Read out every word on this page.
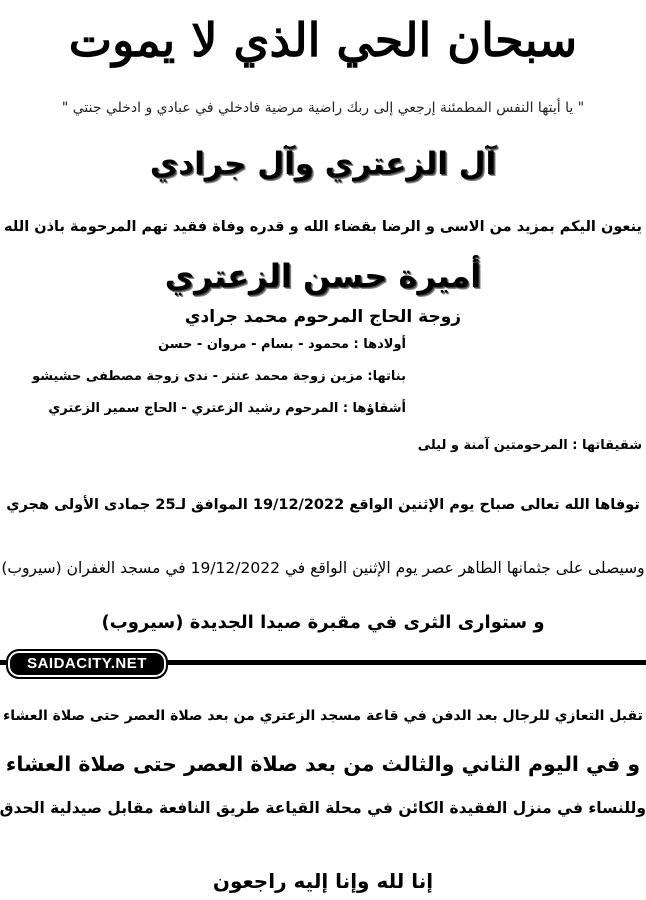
سبحان الحي الذي لا يموت
" يا أيتها النفس المطمئنة إرجعي إلى ربك راضية مرضية فادخلي في عبادي و ادخلي جنتي "
آل الزعتري وآل جرادي
ينعون اليكم بمزيد من الاسى و الرضا بقضاء الله و قدره وفاة فقيد تهم المرحومة باذن الله
أميرة حسن الزعتري
زوجة الحاج المرحوم محمد جرادي
أولادها : محمود - بسام - مروان - حسن
بناتها: مزين زوجة محمد عنتر - ندى زوجة مصطفى حشيشو
أشقاؤها : المرحوم رشيد الزعتري - الحاج سمير الزعتري
شقيقاتها : المرحومتين آمنة و ليلى
توفاها الله تعالى صباح يوم الإثنين الواقع 19/12/2022 الموافق لـ25 جمادى الأولى هجري
وسيصلى على جثمانها الطاهر عصر يوم الإثنين الواقع في 19/12/2022 في مسجد الغفران (سيروب)
و ستوارى الثرى في مقبرة صيدا الجديدة (سيروب)
SAIDACITY.NET
تقبل التعازي للرجال بعد الدفن في قاعة مسجد الزعتري من بعد صلاة العصر حتى صلاة العشاء
و في اليوم الثاني والثالث من بعد صلاة العصر حتى صلاة العشاء
وللنساء في منزل الفقيدة الكائن في محلة القياعة طريق النافعة مقابل صيدلية الحدق
إنا لله وإنا إليه راجعون
